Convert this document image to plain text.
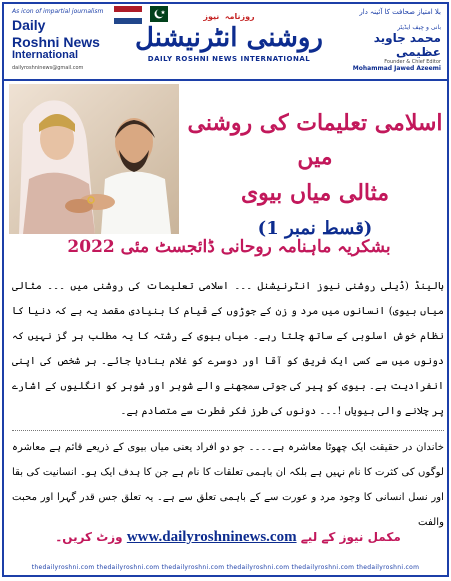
As icon of impartial journalism
Daily
Roshni News
International
dailyroshninews@gmail.com
روزنامہ  نیوز
روشنی انٹرنیشنل
DAILY ROSHNI NEWS INTERNATIONAL
بلا امتیاز صحافت کا آئینہ دار
بانی و چیف ایڈیٹر
محمد جاوید عظیمی
Founder & Chief Editor
Mohammad Jawed Azeemi
اسلامی تعلیمات کی روشنی میں
مثالی میاں بیوی
(قسط نمبر 1)
بشکریہ ماہنامہ روحانی ڈائجسٹ مئی 2022

ہالینڈ (ڈیلی روشنی نیوز انٹرنیشنل ۔۔۔ اسلامی تعلیمات کی روشنی میں ۔۔۔ مثالی میاں بیوی) انسانوں میں مرد و زن کے جوڑوں کے قیام کا بنیادی مقصد یہ ہے کہ دنیا کا نظام خوش اسلوبی کے ساتھ چلتا رہے۔ میاں بیوی کے رشتہ کا یہ مطلب ہر گز نہیں کہ دونوں میں سے کسی ایک فریق کو آقا اور دوسرے کو غلام بنادیا جائے۔ ہر شخص کی اپنی انفرادیت ہے۔ بیوی کو پیر کی جوتی سمجھنے والے شوہر اور شوہر کو انگلیوں کے اشارے پر چلانے والی بیویاں !۔۔۔ دونوں کی طرز فکر فطرت سے متصادم ہے۔

خاندان در حقیقت ایک چھوٹا معاشرہ ہے۔۔۔۔ جو دو افراد یعنی میاں بیوی کے ذریعے قائم ہے معاشرہ لوگوں کی کثرت کا نام نہیں ہے بلکہ ان باہمی تعلقات کا نام ہے جن کا ہدف ایک ہو۔ انسانیت کی بقا اور نسل انسانی کا وجود مرد و عورت سے کے باہمی تعلق سے ہے۔ یہ تعلق جس قدر گہرا اور محبت والفت

مکمل نیوز کے لیے www.dailyroshninews.com وزٹ کریں۔
thedailyroshni.com thedailyroshni.com thedailyroshni.com thedailyroshni.com thedailyroshni.com thedailyroshni.com
